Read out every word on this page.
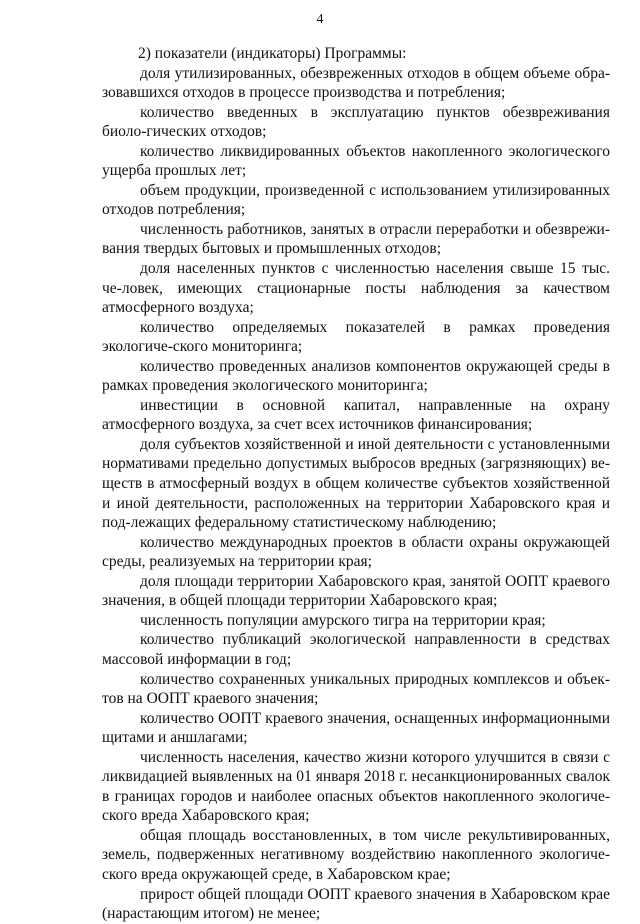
4

2) показатели (индикаторы) Программы:

доля утилизированных, обезвреженных отходов в общем объеме обра-зовавшихся отходов в процессе производства и потребления;

количество введенных в эксплуатацию пунктов обезвреживания биоло-гических отходов;

количество ликвидированных объектов накопленного экологического ущерба прошлых лет;

объем продукции, произведенной с использованием утилизированных отходов потребления;

численность работников, занятых в отрасли переработки и обезврежи-вания твердых бытовых и промышленных отходов;

доля населенных пунктов с численностью населения свыше 15 тыс. че-ловек, имеющих стационарные посты наблюдения за качеством атмосферного воздуха;

количество определяемых показателей в рамках проведения экологиче-ского мониторинга;

количество проведенных анализов компонентов окружающей среды в рамках проведения экологического мониторинга;

инвестиции в основной капитал, направленные на охрану атмосферного воздуха, за счет всех источников финансирования;

доля субъектов хозяйственной и иной деятельности с установленными нормативами предельно допустимых выбросов вредных (загрязняющих) ве-ществ в атмосферный воздух в общем количестве субъектов хозяйственной и иной деятельности, расположенных на территории Хабаровского края и под-лежащих федеральному статистическому наблюдению;

количество международных проектов в области охраны окружающей среды, реализуемых на территории края;

доля площади территории Хабаровского края, занятой ООПТ краевого значения, в общей площади территории Хабаровского края;

численность популяции амурского тигра на территории края;

количество публикаций экологической направленности в средствах массовой информации в год;

количество сохраненных уникальных природных комплексов и объек-тов на ООПТ краевого значения;

количество ООПТ краевого значения, оснащенных информационными щитами и аншлагами;

численность населения, качество жизни которого улучшится в связи с ликвидацией выявленных на 01 января 2018 г. несанкционированных свалок в границах городов и наиболее опасных объектов накопленного экологиче-ского вреда Хабаровского края;

общая площадь восстановленных, в том числе рекультивированных, земель, подверженных негативному воздействию накопленного экологиче-ского вреда окружающей среде, в Хабаровском крае;

прирост общей площади ООПТ краевого значения в Хабаровском крае (нарастающим итогом) не менее;
